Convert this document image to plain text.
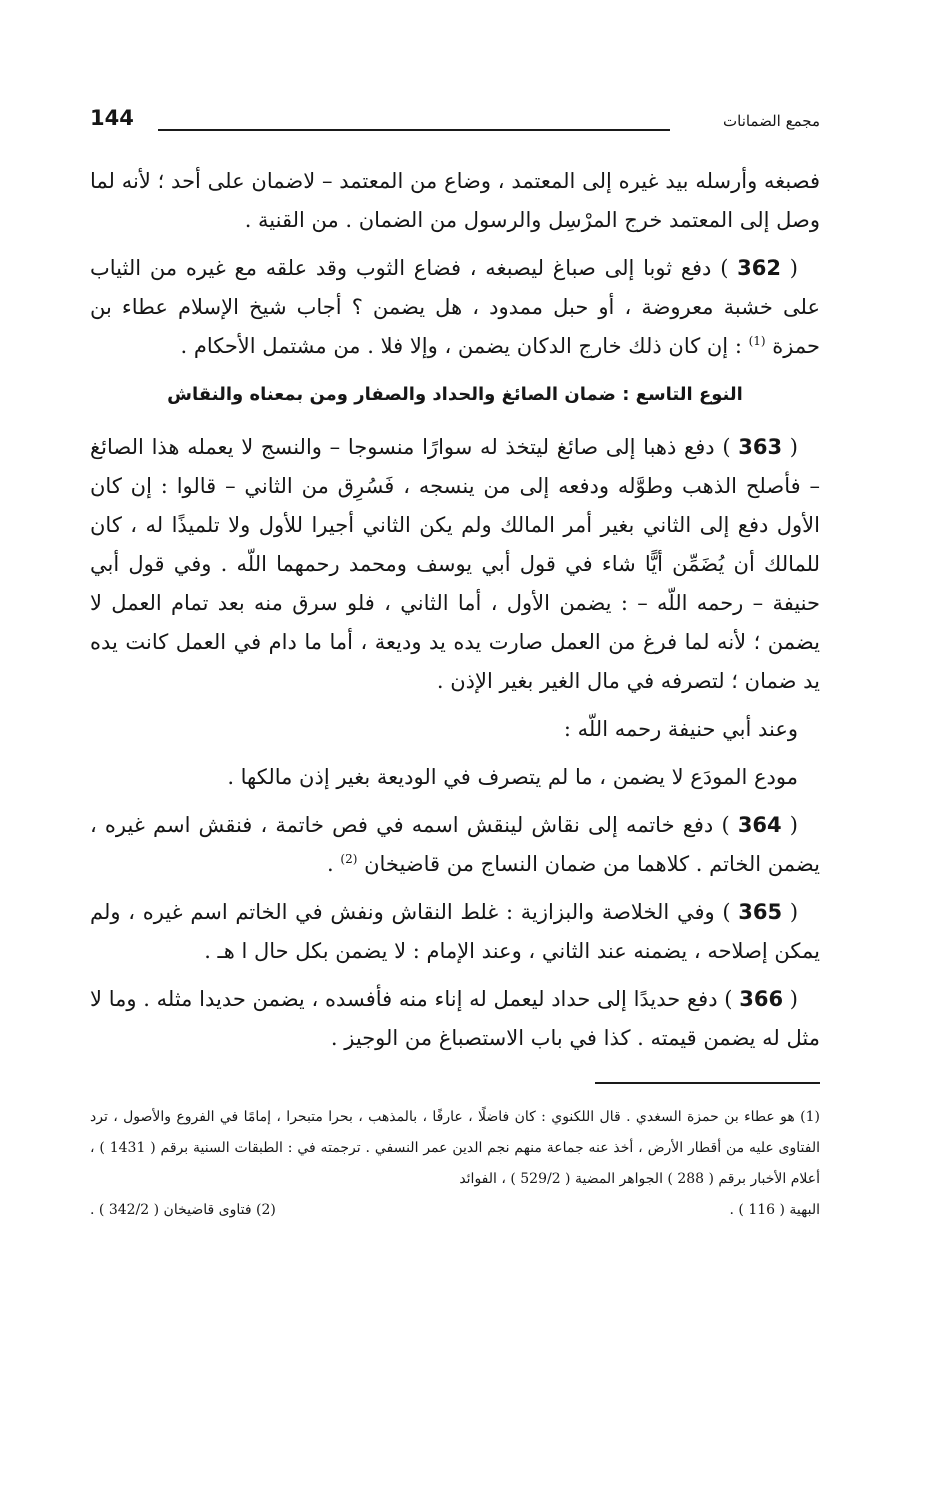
144	مجمع الضمانات

فصبغه وأرسله بيد غيره إلى المعتمد ، وضاع من المعتمد – لاضمان على أحد ؛ لأنه لما وصل إلى المعتمد خرج المرْسِل والرسول من الضمان . من القنية .

( 362 ) دفع ثوبا إلى صباغ ليصبغه ، فضاع الثوب وقد علقه مع غيره من الثياب على خشبة معروضة ، أو حبل ممدود ، هل يضمن ؟ أجاب شيخ الإسلام عطاء بن حمزة $^{(1)}$ : إن كان ذلك خارج الدكان يضمن ، وإلا فلا . من مشتمل الأحكام .

النوع التاسع : ضمان الصائغ والحداد والصفار ومن بمعناه والنقاش

( 363 ) دفع ذهبا إلى صائغ ليتخذ له سوارًا منسوجا – والنسج لا يعمله هذا الصائغ – فأصلح الذهب وطوَّله ودفعه إلى من ينسجه ، فَسُرِق من الثاني – قالوا : إن كان الأول دفع إلى الثاني بغير أمر المالك ولم يكن الثاني أجيرا للأول ولا تلميذًا له ، كان للمالك أن يُضَمِّن أيًّا شاء في قول أبي يوسف ومحمد رحمهما اللّه . وفي قول أبي حنيفة – رحمه اللّه – : يضمن الأول ، أما الثاني ، فلو سرق منه بعد تمام العمل لا يضمن ؛ لأنه لما فرغ من العمل صارت يده يد وديعة ، أما ما دام في العمل كانت يده يد ضمان ؛ لتصرفه في مال الغير بغير الإذن .

وعند أبي حنيفة رحمه اللّه :

مودع المودَع لا يضمن ، ما لم يتصرف في الوديعة بغير إذن مالكها .

( 364 ) دفع خاتمه إلى نقاش لينقش اسمه في فص خاتمة ، فنقش اسم غيره ، يضمن الخاتم . كلاهما من ضمان النساج من قاضيخان $^{(2)}$ .

( 365 ) وفي الخلاصة والبزازية : غلط النقاش ونفش في الخاتم اسم غيره ، ولم يمكن إصلاحه ، يضمنه عند الثاني ، وعند الإمام : لا يضمن بكل حال ا هـ .

( 366 ) دفع حديدًا إلى حداد ليعمل له إناء منه فأفسده ، يضمن حديدا مثله . وما لا مثل له يضمن قيمته . كذا في باب الاستصباغ من الوجيز .

(1) هو عطاء بن حمزة السغدي . قال اللكنوي : كان فاضلًا ، عارفًا ، بالمذهب ، بحرا متبحرا ، إمامًا في الفروع والأصول ، ترد الفتاوى عليه من أقطار الأرض ، أخذ عنه جماعة منهم نجم الدين عمر النسفي . ترجمته في : الطبقات السنية برقم ( 1431 ) ، أعلام الأخبار برقم ( 288 ) الجواهر المضية ( 529/2 ) ، الفوائد

البهية ( 116 ) .
(2) فتاوى قاضيخان ( 342/2 ) .
